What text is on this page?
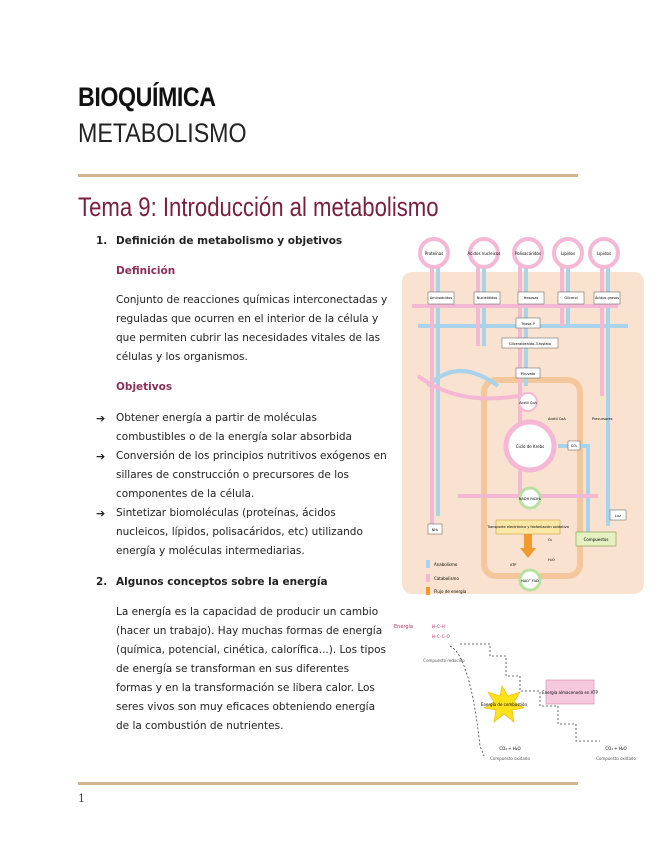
BIOQUÍMICA
METABOLISMO
Tema 9: Introducción al metabolismo
1. Definición de metabolismo y objetivos
Definición
Conjunto de reacciones químicas interconectadas y reguladas que ocurren en el interior de la célula y que permiten cubrir las necesidades vitales de las células y los organismos.
Objetivos
➔ Obtener energía a partir de moléculas combustibles o de la energía solar absorbida
➔ Conversión de los principios nutritivos exógenos en sillares de construcción o precursores de los componentes de la célula.
➔ Sintetizar biomoléculas (proteínas, ácidos nucleicos, lípidos, polisacáridos, etc) utilizando energía y moléculas intermediarias.
2. Algunos conceptos sobre la energía
La energía es la capacidad de producir un cambio (hacer un trabajo). Hay muchas formas de energía (química, potencial, cinética, calorífica...). Los tipos de energía se transforman en sus diferentes formas y en la transformación se libera calor. Los seres vivos son muy eficaces obteniendo energía de la combustión de nutrientes.
Proteínas	Ácidos nucleicos	Polisacáridos	Lípidos	Lípidos
Aminoácidos	Nucleótidos	Hexosas	Glicerol	Ácidos grasos
Triosa-P
Gliceraldehído-3-fosfato
Piruvato
Acetil CoA
Ciclo de Krebs	CO₂
NADH FADH₂
Transporte electrónico y fosforilación oxidativa
NAD⁺ FAD
O₂
ATP
H₂O
Compuestos
Luz
NH₃
Precursores
Acetil CoA
Anabolismo
Catabolismo
Flujo de energía
Energía	H–C–H
H–C–C–O
Compuesto reducido
Energía de combustión
Energía almacenada en ATP
CO₂ + H₂O
Compuesto oxidado
CO₂ + H₂O
Compuesto oxidado
1
